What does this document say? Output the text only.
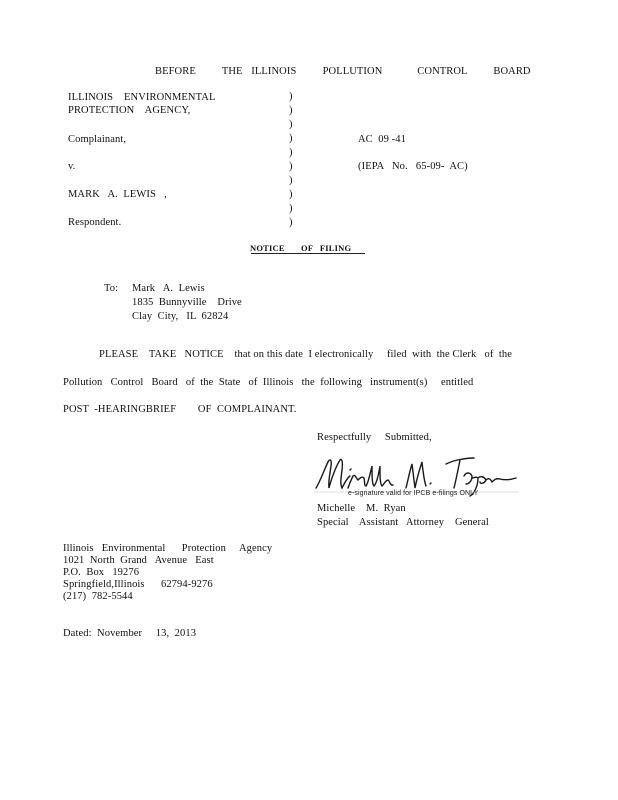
BEFORE   THE ILLINOIS   POLLUTION    CONTROL   BOARD
ILLINOIS    ENVIRONMENTAL
PROTECTION    AGENCY,
Complainant,
v.
MARK   A.  LEWIS   ,
Respondent.
)
)
)
)
)
)
)
)
)
)
AC  09 -41
(IEPA   No.   65-09-  AC)
NOTICE       OF   FILING
To: Mark   A.  Lewis
1835  Bunnyville    Drive
Clay  City,   IL  62824
PLEASE    TAKE   NOTICE    that on this date  I electronically     filed  with  the Clerk   of  the
Pollution   Control   Board   of  the  State   of  Illinois   the  following   instrument(s)     entitled
POST  -HEARINGBRIEF        OF  COMPLAINANT.
Respectfully     Submitted,
e-signature valid for IPCB e-filings ONLY
Michelle    M.  Ryan
Special    Assistant   Attorney    General
Illinois   Environmental      Protection     Agency
1021  North  Grand   Avenue   East
P.O.  Box   19276
Springfield,Illinois      62794-9276
(217)  782-5544
Dated:  November     13,  2013
